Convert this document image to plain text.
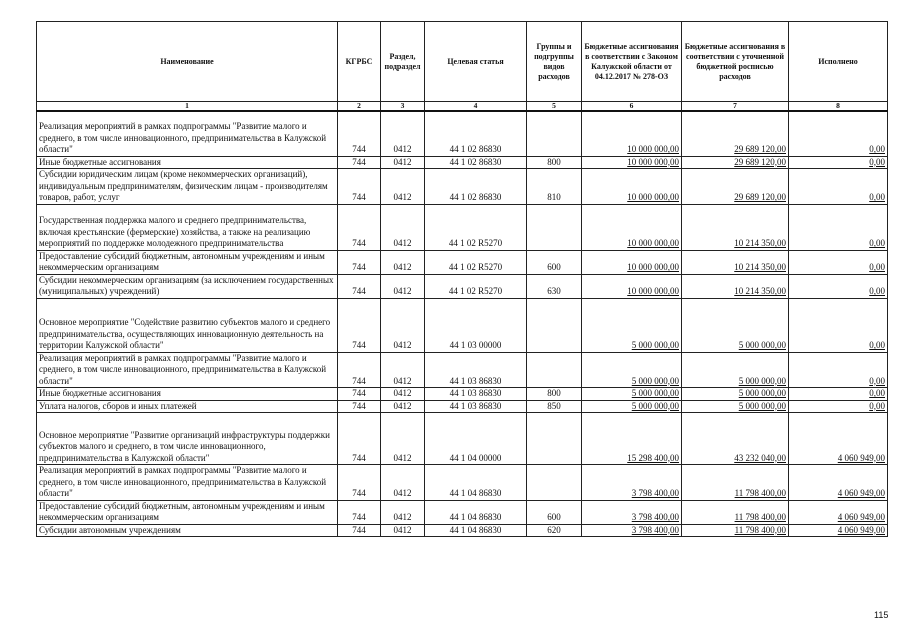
Наименование	КГРБС	Раздел, подраздел	Целевая статья	Группы и подгруппы видов расходов	Бюджетные ассигнования в соответствии с Законом Калужской области от 04.12.2017 № 278-ОЗ	Бюджетные ассигнования в соответствии с уточненной бюджетной росписью расходов	Исполнено
1	2	3	4	5	6	7	8
Реализация мероприятий в рамках подпрограммы "Развитие малого и среднего, в том числе инновационного, предпринимательства в Калужской области"	744	0412	44 1 02 86830		10 000 000,00	29 689 120,00	0,00
Иные бюджетные ассигнования	744	0412	44 1 02 86830	800	10 000 000,00	29 689 120,00	0,00
Субсидии юридическим лицам (кроме некоммерческих организаций), индивидуальным предпринимателям, физическим лицам - производителям товаров, работ, услуг	744	0412	44 1 02 86830	810	10 000 000,00	29 689 120,00	0,00
Государственная поддержка малого и среднего предпринимательства, включая крестьянские (фермерские) хозяйства, а также на реализацию мероприятий по поддержке молодежного предпринимательства	744	0412	44 1 02 R5270		10 000 000,00	10 214 350,00	0,00
Предоставление субсидий бюджетным, автономным учреждениям и иным некоммерческим организациям	744	0412	44 1 02 R5270	600	10 000 000,00	10 214 350,00	0,00
Субсидии некоммерческим организациям (за исключением государственных (муниципальных) учреждений)	744	0412	44 1 02 R5270	630	10 000 000,00	10 214 350,00	0,00
Основное мероприятие "Содействие развитию субъектов малого и среднего предпринимательства, осуществляющих инновационную деятельность на территории Калужской области"	744	0412	44 1 03 00000		5 000 000,00	5 000 000,00	0,00
Реализация мероприятий в рамках подпрограммы "Развитие малого и среднего, в том числе инновационного, предпринимательства в Калужской области"	744	0412	44 1 03 86830		5 000 000,00	5 000 000,00	0,00
Иные бюджетные ассигнования	744	0412	44 1 03 86830	800	5 000 000,00	5 000 000,00	0,00
Уплата налогов, сборов и иных платежей	744	0412	44 1 03 86830	850	5 000 000,00	5 000 000,00	0,00
Основное мероприятие "Развитие организаций инфраструктуры поддержки субъектов малого и среднего, в том числе инновационного, предпринимательства в Калужской области"	744	0412	44 1 04 00000		15 298 400,00	43 232 040,00	4 060 949,00
Реализация мероприятий в рамках подпрограммы "Развитие малого и среднего, в том числе инновационного, предпринимательства в Калужской области"	744	0412	44 1 04 86830		3 798 400,00	11 798 400,00	4 060 949,00
Предоставление субсидий бюджетным, автономным учреждениям и иным некоммерческим организациям	744	0412	44 1 04 86830	600	3 798 400,00	11 798 400,00	4 060 949,00
Субсидии автономным учреждениям	744	0412	44 1 04 86830	620	3 798 400,00	11 798 400,00	4 060 949,00
115
